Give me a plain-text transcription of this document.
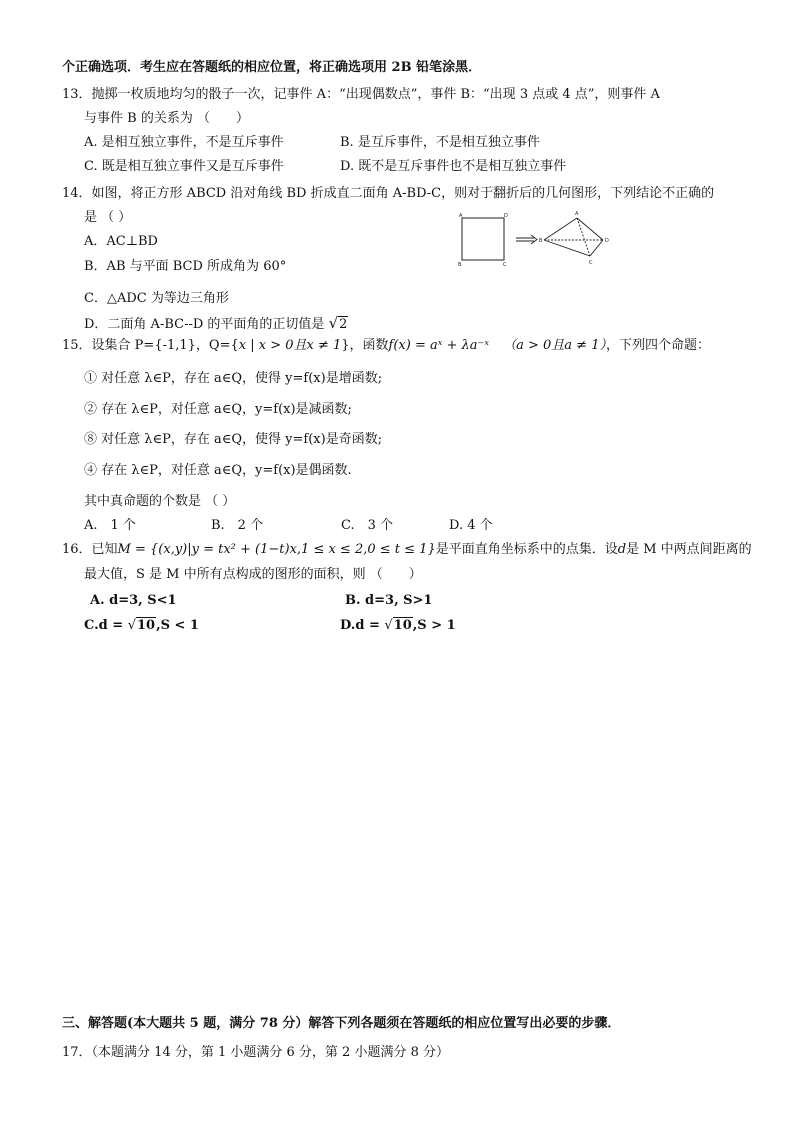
个正确选项．考生应在答题纸的相应位置，将正确选项用 2B 铅笔涂黑．
13．抛掷一枚质地均匀的骰子一次，记事件 A：“出现偶数点”，事件 B：“出现 3 点或 4 点”，则事件 A
与事件 B 的关系为 （　　）
A. 是相互独立事件，不是互斥事件	B. 是互斥事件，不是相互独立事件
C. 既是相互独立事件又是互斥事件	D. 既不是互斥事件也不是相互独立事件
14．如图，将正方形 ABCD 沿对角线 BD 折成直二面角 A-BD-C，则对于翻折后的几何图形，下列结论不正确的
是 （ ）
A．AC⊥BD
B．AB 与平面 BCD 所成角为 60°
C．△ADC 为等边三角形
D．二面角 A-BC--D 的平面角的正切值是 √2
A	D
B	C
A
B	D
C
15．设集合 P={-1,1}，Q={x | x > 0且x ≠ 1}，函数f(x) = aˣ + λa⁻ˣ （a > 0且a ≠ 1），下列四个命题：
① 对任意 λ∈P，存在 a∈Q，使得 y=f(x)是增函数;
② 存在 λ∈P，对任意 a∈Q，y=f(x)是减函数;
⑧ 对任意 λ∈P，存在 a∈Q，使得 y=f(x)是奇函数;
④ 存在 λ∈P，对任意 a∈Q，y=f(x)是偶函数.
其中真命题的个数是 （ ）
A.　1 个	B.　2 个	C.　3 个	D. 4 个
16．已知M = {(x,y)|y = tx² + (1−t)x,1 ≤ x ≤ 2,0 ≤ t ≤ 1}是平面直角坐标系中的点集．设d是 M 中两点间距离的
最大值，S 是 M 中所有点构成的图形的面积，则 （　　）
A. d=3, S<1	B. d=3, S>1
C.d = √10,S < 1	D.d = √10,S > 1
三、解答题(本大题共 5 题，满分 78 分）解答下列各题须在答题纸的相应位置写出必要的步骤．
17．（本题满分 14 分，第 1 小题满分 6 分，第 2 小题满分 8 分）
